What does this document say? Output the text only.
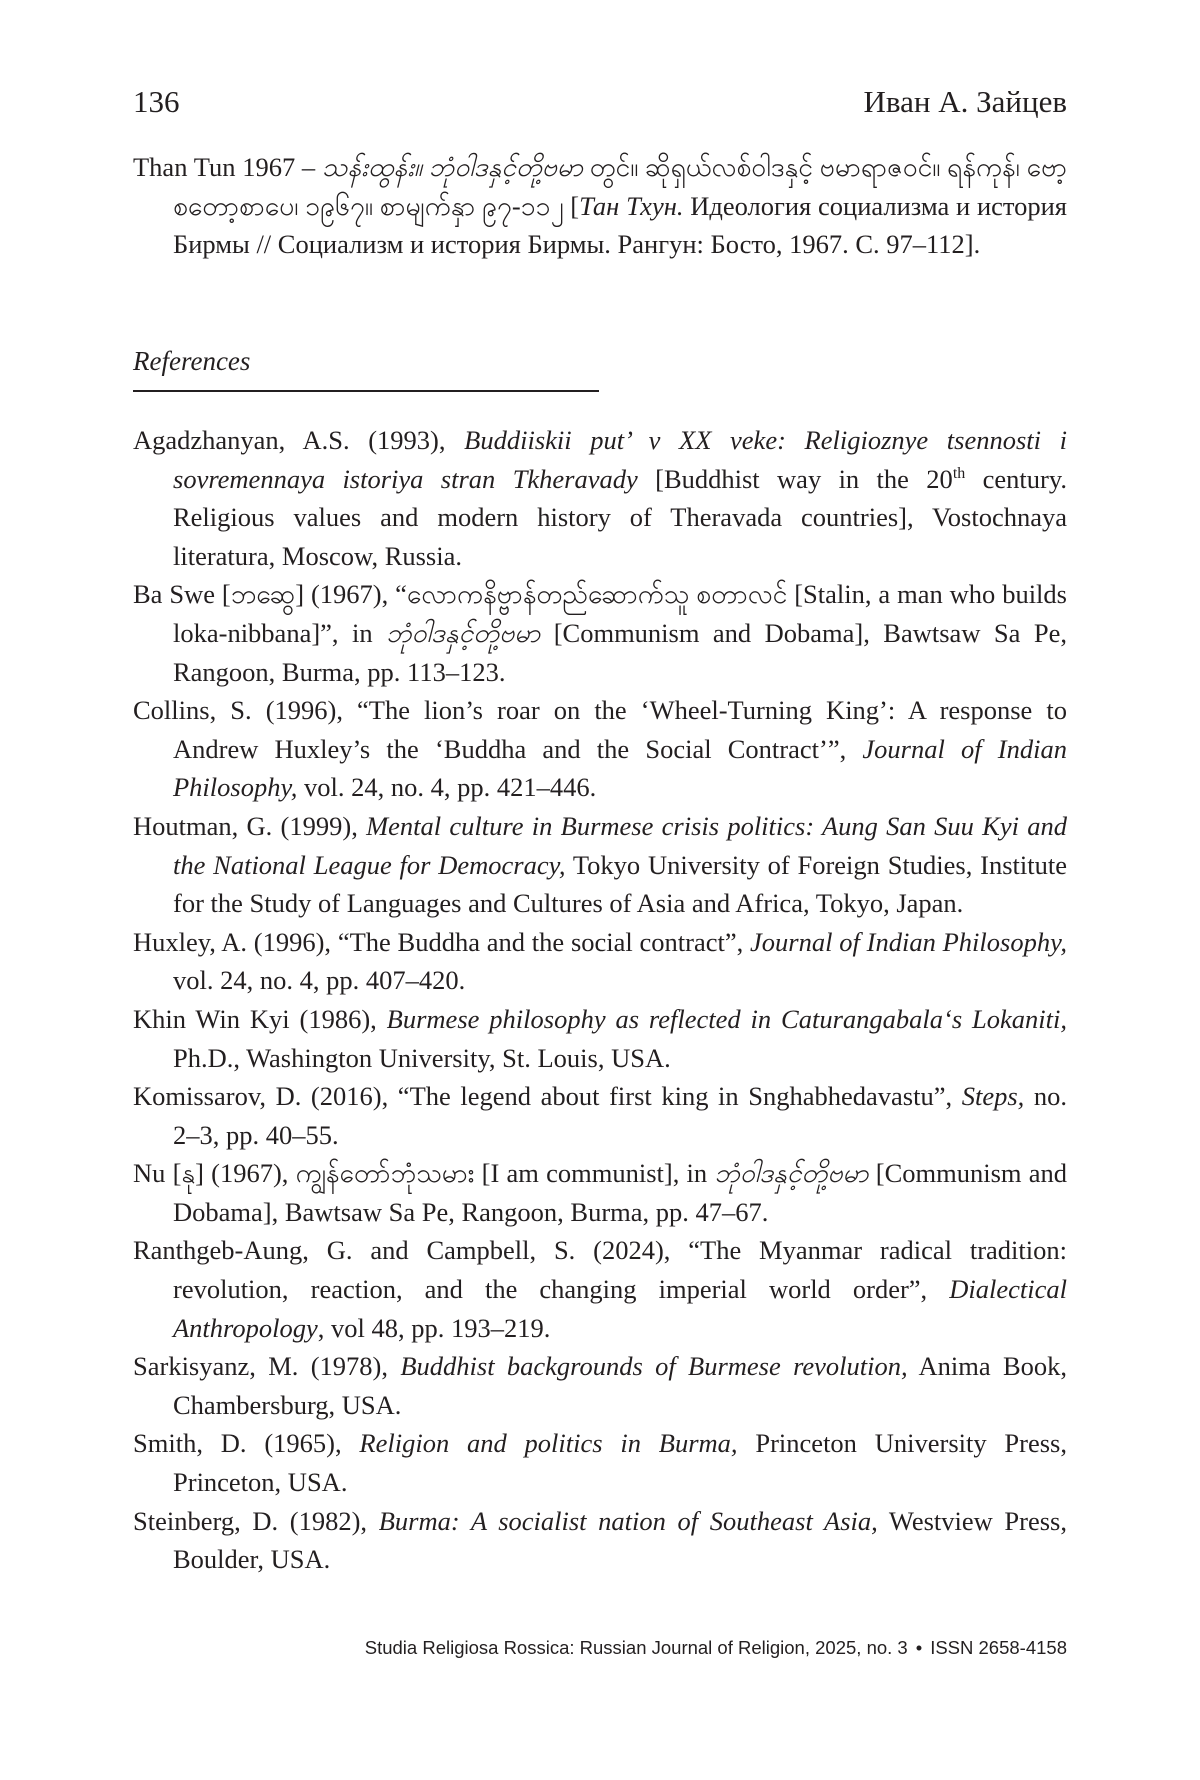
136	Иван А. Зайцев

Than Tun 1967 – သန်းထွန်း။ ဘုံဝါဒနှင့်တို့ဗမာ တွင်။ ဆိုရှယ်လစ်ဝါဒနှင့် ဗမာရာဇဝင်။ ရန်ကုန်၊ ဗော့စတော့စာပေ၊ ၁၉၆၇။ စာမျက်နှာ ၉၇-၁၁၂ [Тан Тхун. Идеология социализма и история Бирмы // Социализм и история Бирмы. Рангун: Босто, 1967. С. 97–112].

References
Agadzhanyan, A.S. (1993), Buddiiskii put’ v XX veke: Religioznye tsennosti i sovremennaya istoriya stran Tkheravady [Buddhist way in the 20th century. Religious values and modern history of Theravada countries], Vostochnaya literatura, Moscow, Russia.
Ba Swe [ဘဆွေ] (1967), “လောကနိဗ္ဗာန်တည်ဆောက်သူ စတာလင် [Stalin, a man who builds loka-nibbana]”, in ဘုံဝါဒနှင့်တို့ဗမာ [Communism and Dobama], Bawtsaw Sa Pe, Rangoon, Burma, pp. 113–123.
Collins, S. (1996), “The lion’s roar on the ‘Wheel-Turning King’: A response to Andrew Huxley’s the ‘Buddha and the Social Contract’”, Journal of Indian Philosophy, vol. 24, no. 4, pp. 421–446.
Houtman, G. (1999), Mental culture in Burmese crisis politics: Aung San Suu Kyi and the National League for Democracy, Tokyo University of Foreign Studies, Institute for the Study of Languages and Cultures of Asia and Africa, Tokyo, Japan.
Huxley, A. (1996), “The Buddha and the social contract”, Journal of Indian Philosophy, vol. 24, no. 4, pp. 407–420.
Khin Win Kyi (1986), Burmese philosophy as reflected in Caturangabala‘s Lokaniti, Ph.D., Washington University, St. Louis, USA.
Komissarov, D. (2016), “The legend about first king in Snghabhedavastu”, Steps, no. 2–3, pp. 40–55.
Nu [နု] (1967), ကျွန်တော်ဘုံသမား [I am communist], in ဘုံဝါဒနှင့်တို့ဗမာ [Communism and Dobama], Bawtsaw Sa Pe, Rangoon, Burma, pp. 47–67.
Ranthgeb-Aung, G. and Campbell, S. (2024), “The Myanmar radical tradition: revolution, reaction, and the changing imperial world order”, Dialectical Anthropology, vol 48, pp. 193–219.
Sarkisyanz, M. (1978), Buddhist backgrounds of Burmese revolution, Anima Book, Chambersburg, USA.
Smith, D. (1965), Religion and politics in Burma, Princeton University Press, Princeton, USA.
Steinberg, D. (1982), Burma: A socialist nation of Southeast Asia, Westview Press, Boulder, USA.
Studia Religiosa Rossica: Russian Journal of Religion, 2025, no. 3 • ISSN 2658-4158
